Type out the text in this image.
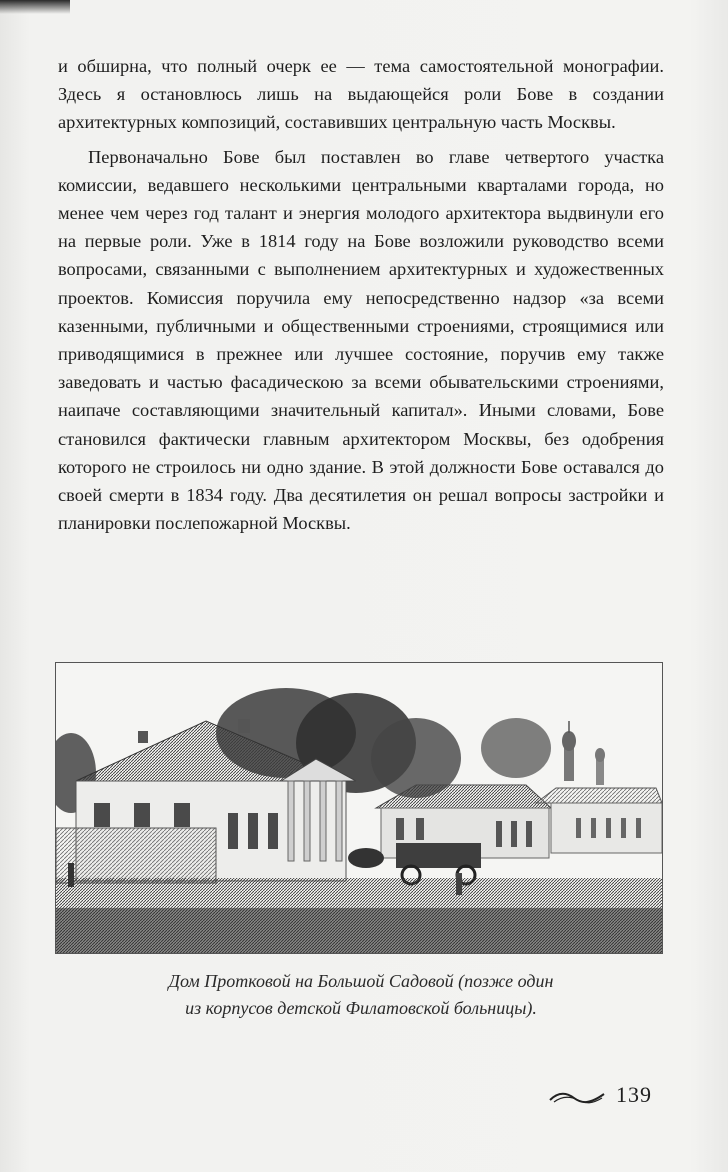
и обширна, что полный очерк ее — тема самостоятельной монографии. Здесь я остановлюсь лишь на выдающейся роли Бове в создании архитектурных композиций, составивших центральную часть Москвы.

Первоначально Бове был поставлен во главе четвертого участка комиссии, ведавшего несколькими центральными кварталами города, но менее чем через год талант и энергия молодого архитектора выдвинули его на первые роли. Уже в 1814 году на Бове возложили руководство всеми вопросами, связанными с выполнением архитектурных и художественных проектов. Комиссия поручила ему непосредственно надзор «за всеми казенными, публичными и общественными строениями, строящимися или приводящимися в прежнее или лучшее состояние, поручив ему также заведовать и частью фасадическою за всеми обывательскими строениями, наипаче составляющими значительный капитал». Иными словами, Бове становился фактически главным архитектором Москвы, без одобрения которого не строилось ни одно здание. В этой должности Бове оставался до своей смерти в 1834 году. Два десятилетия он решал вопросы застройки и планировки послепожарной Москвы.

Дом Протковой на Большой Садовой (позже один
из корпусов детской Филатовской больницы).
139
